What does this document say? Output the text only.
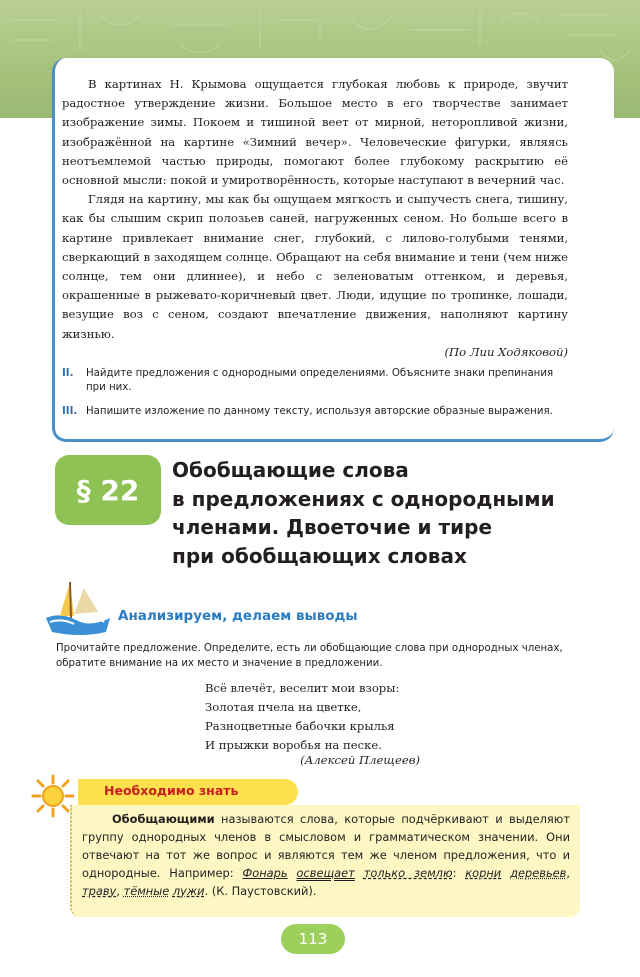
В картинах Н. Крымова ощущается глубокая любовь к природе, звучит радостное утверждение жизни. Большое место в его творчестве занимает изображение зимы. Покоем и тишиной веет от мирной, неторопливой жизни, изображённой на картине «Зимний вечер». Человеческие фигурки, являясь неотъемлемой частью природы, помогают более глубокому раскрытию её основной мысли: покой и умиротворённость, которые наступают в вечерний час.

Глядя на картину, мы как бы ощущаем мягкость и сыпучесть снега, тишину, как бы слышим скрип полозьев саней, нагруженных сеном. Но больше всего в картине привлекает внимание снег, глубокий, с лилово-голубыми тенями, сверкающий в заходящем солнце. Обращают на себя внимание и тени (чем ниже солнце, тем они длиннее), и небо с зеленоватым оттенком, и деревья, окрашенные в рыжевато-коричневый цвет. Люди, идущие по тропинке, лошади, везущие воз с сеном, создают впечатление движения, наполняют картину жизнью.

(По Лии Ходяковой)
II.	Найдите предложения с однородными определениями. Объясните знаки препинания при них.
III. Напишите изложение по данному тексту, используя авторские образные выражения.
§ 22
Обобщающие слова
в предложениях с однородными
членами. Двоеточие и тире
при обобщающих словах
Анализируем, делаем выводы
Прочитайте предложение. Определите, есть ли обобщающие слова при однородных членах, обратите внимание на их место и значение в предложении.
Всё влечёт, веселит мои взоры:
Золотая пчела на цветке,
Разноцветные бабочки крылья
И прыжки воробья на песке.
(Алексей Плещеев)
Необходимо знать
Обобщающими называются слова, которые подчёркивают и выделяют группу однородных членов в смысловом и грамматическом значении. Они отвечают на тот же вопрос и являются тем же членом предложения, что и однородные. Например: Фонарь освещает только землю: корни деревьев, траву, тёмные лужи. (К. Паустовский).
113
